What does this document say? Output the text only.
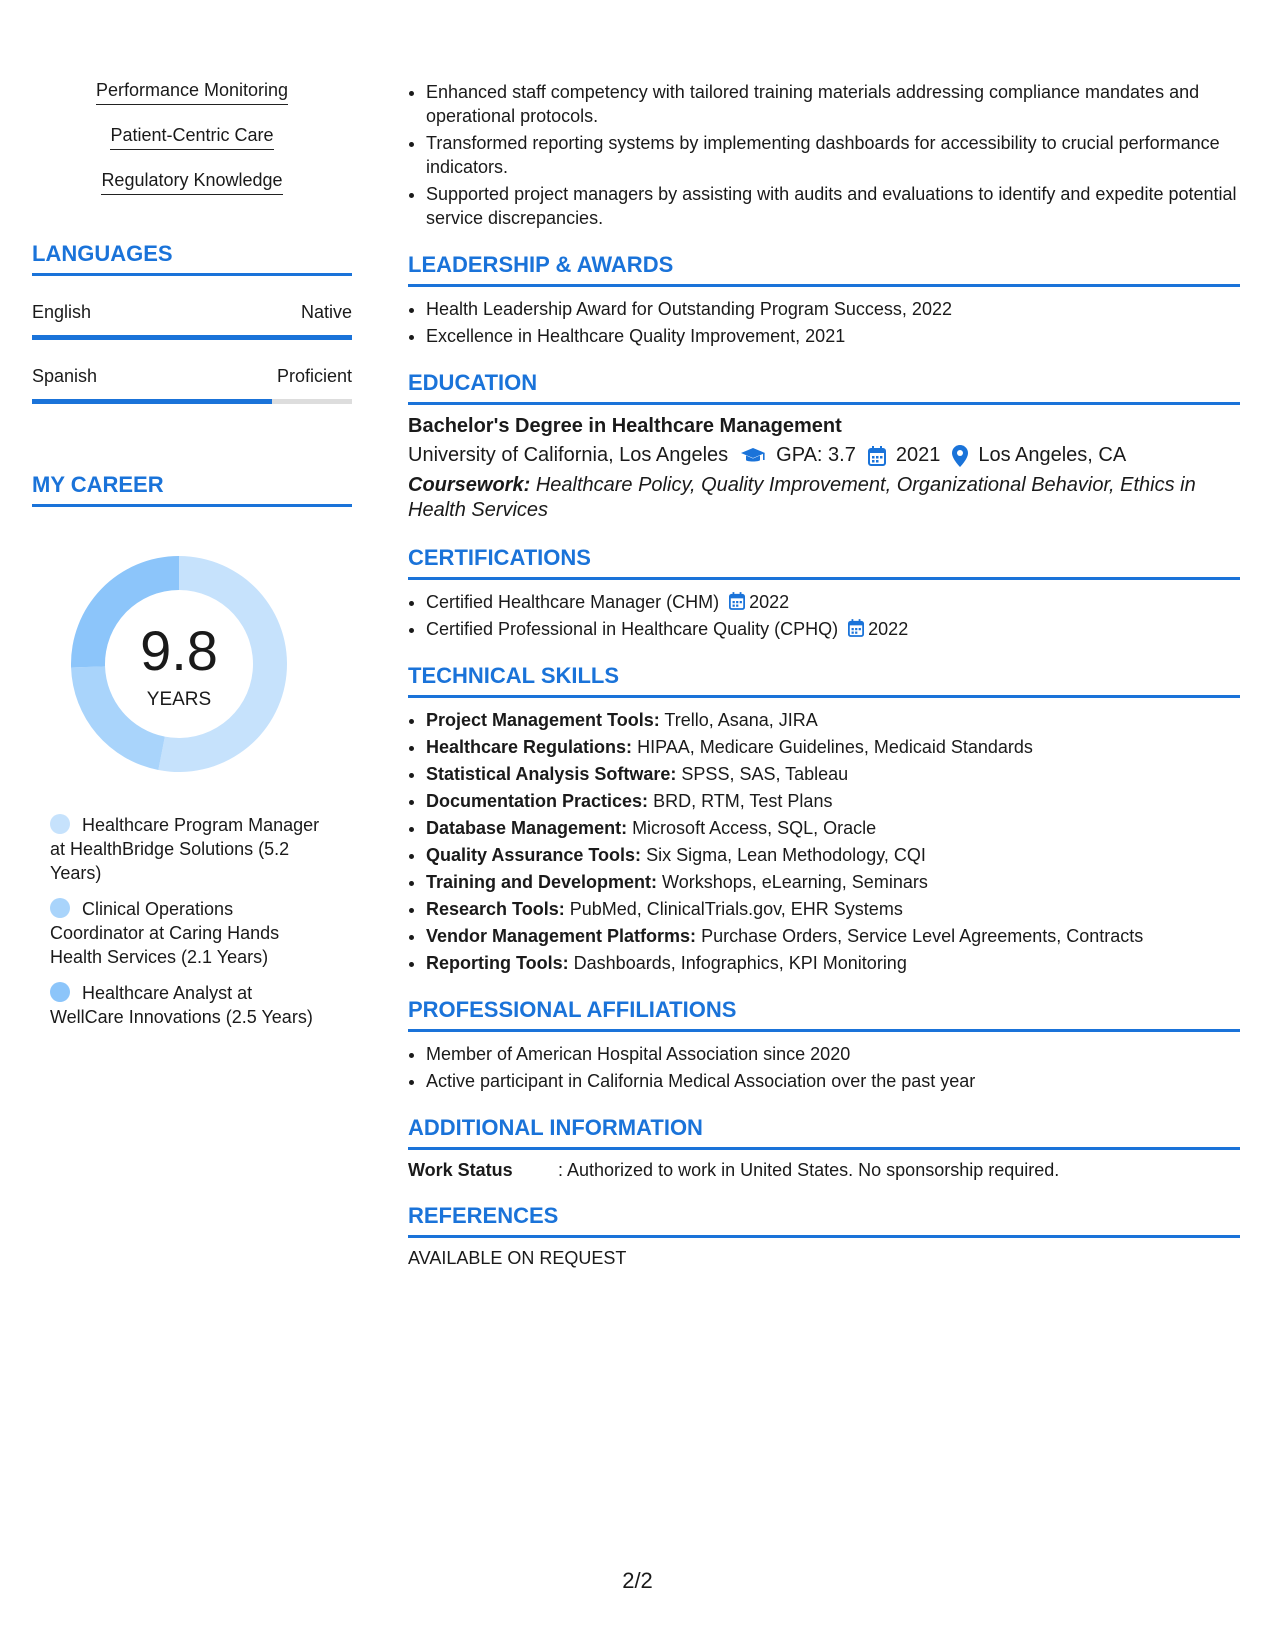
Performance Monitoring
Patient-Centric Care
Regulatory Knowledge
LANGUAGES
English	Native
Spanish	Proficient
MY CAREER
9.8
YEARS
Healthcare Program Manager at HealthBridge Solutions (5.2 Years)
Clinical Operations Coordinator at Caring Hands Health Services (2.1 Years)
Healthcare Analyst at WellCare Innovations (2.5 Years)
• Enhanced staff competency with tailored training materials addressing compliance mandates and operational protocols.
• Transformed reporting systems by implementing dashboards for accessibility to crucial performance indicators.
• Supported project managers by assisting with audits and evaluations to identify and expedite potential service discrepancies.
LEADERSHIP & AWARDS
• Health Leadership Award for Outstanding Program Success, 2022
• Excellence in Healthcare Quality Improvement, 2021
EDUCATION
Bachelor's Degree in Healthcare Management
University of California, Los Angeles GPA: 3.7 2021 Los Angeles, CA
Coursework: Healthcare Policy, Quality Improvement, Organizational Behavior, Ethics in Health Services
CERTIFICATIONS
• Certified Healthcare Manager (CHM) 2022
• Certified Professional in Healthcare Quality (CPHQ) 2022
TECHNICAL SKILLS
• Project Management Tools: Trello, Asana, JIRA
• Healthcare Regulations: HIPAA, Medicare Guidelines, Medicaid Standards
• Statistical Analysis Software: SPSS, SAS, Tableau
• Documentation Practices: BRD, RTM, Test Plans
• Database Management: Microsoft Access, SQL, Oracle
• Quality Assurance Tools: Six Sigma, Lean Methodology, CQI
• Training and Development: Workshops, eLearning, Seminars
• Research Tools: PubMed, ClinicalTrials.gov, EHR Systems
• Vendor Management Platforms: Purchase Orders, Service Level Agreements, Contracts
• Reporting Tools: Dashboards, Infographics, KPI Monitoring
PROFESSIONAL AFFILIATIONS
• Member of American Hospital Association since 2020
• Active participant in California Medical Association over the past year
ADDITIONAL INFORMATION
Work Status	: Authorized to work in United States. No sponsorship required.
REFERENCES
AVAILABLE ON REQUEST
2/2
